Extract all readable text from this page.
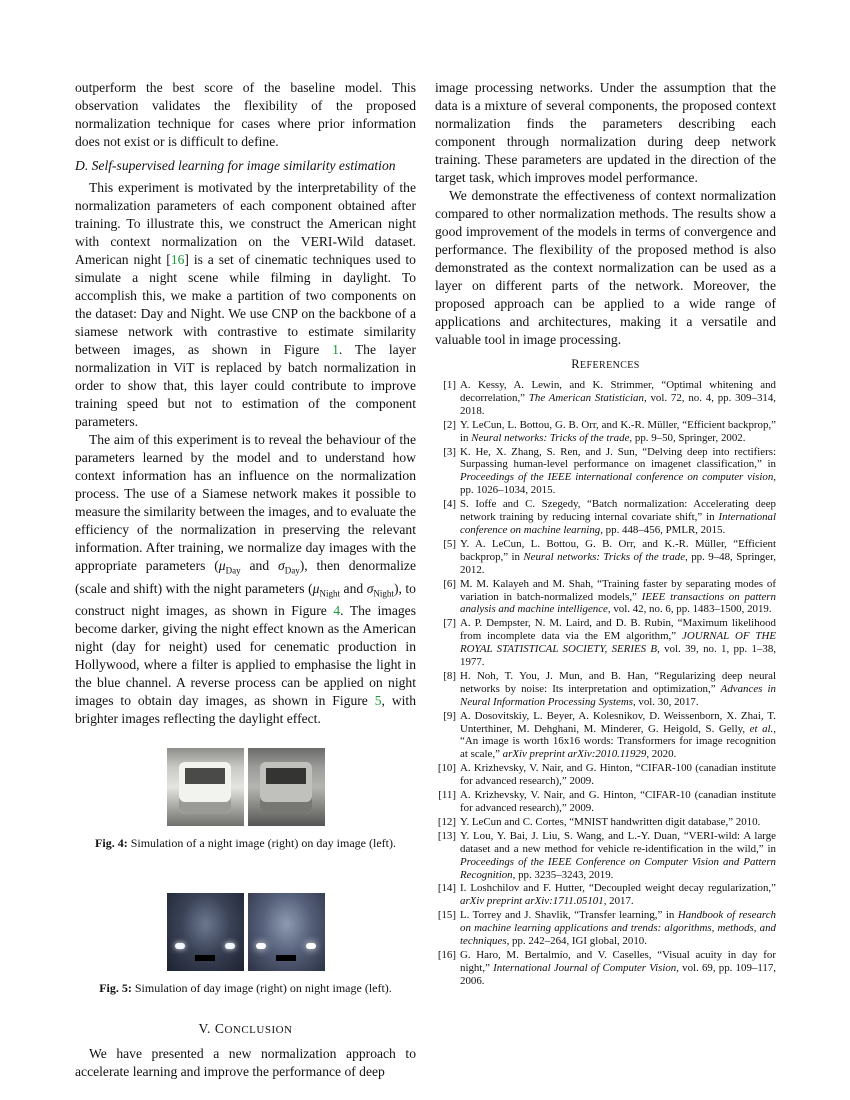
outperform the best score of the baseline model. This observation validates the flexibility of the proposed normalization technique for cases where prior information does not exist or is difficult to define.

D. Self-supervised learning for image similarity estimation

This experiment is motivated by the interpretability of the normalization parameters of each component obtained after training. To illustrate this, we construct the American night with context normalization on the VERI-Wild dataset. American night [16] is a set of cinematic techniques used to simulate a night scene while filming in daylight. To accomplish this, we make a partition of two components on the dataset: Day and Night. We use CNP on the backbone of a siamese network with contrastive to estimate similarity between images, as shown in Figure 1. The layer normalization in ViT is replaced by batch normalization in order to show that, this layer could contribute to improve training speed but not to estimation of the component parameters.

The aim of this experiment is to reveal the behaviour of the parameters learned by the model and to understand how context information has an influence on the normalization process. The use of a Siamese network makes it possible to measure the similarity between the images, and to evaluate the efficiency of the normalization in preserving the relevant information. After training, we normalize day images with the appropriate parameters ($\mu_{Day}$ and $\sigma_{Day}$), then denormalize (scale and shift) with the night parameters ($\mu_{Night}$ and $\sigma_{Night}$), to construct night images, as shown in Figure 4. The images become darker, giving the night effect known as the American night (day for neight) used for cenematic production in Hollywood, where a filter is applied to emphasise the light in the blue channel. A reverse process can be applied on night images to obtain day images, as shown in Figure 5, with brighter images reflecting the daylight effect.

Fig. 4: Simulation of a night image (right) on day image (left).
Fig. 5: Simulation of day image (right) on night image (left).
V. CONCLUSION

We have presented a new normalization approach to accelerate learning and improve the performance of deep

image processing networks. Under the assumption that the data is a mixture of several components, the proposed context normalization finds the parameters describing each component through normalization during deep network training. These parameters are updated in the direction of the target task, which improves model performance.

We demonstrate the effectiveness of context normalization compared to other normalization methods. The results show a good improvement of the models in terms of convergence and performance. The flexibility of the proposed method is also demonstrated as the context normalization can be used as a layer on different parts of the network. Moreover, the proposed approach can be applied to a wide range of applications and architectures, making it a versatile and valuable tool in image processing.

REFERENCES
[1] A. Kessy, A. Lewin, and K. Strimmer, “Optimal whitening and decorrelation,” The American Statistician, vol. 72, no. 4, pp. 309–314, 2018.
[2] Y. LeCun, L. Bottou, G. B. Orr, and K.-R. Müller, “Efficient backprop,” in Neural networks: Tricks of the trade, pp. 9–50, Springer, 2002.
[3] K. He, X. Zhang, S. Ren, and J. Sun, “Delving deep into rectifiers: Surpassing human-level performance on imagenet classification,” in Proceedings of the IEEE international conference on computer vision, pp. 1026–1034, 2015.
[4] S. Ioffe and C. Szegedy, “Batch normalization: Accelerating deep network training by reducing internal covariate shift,” in International conference on machine learning, pp. 448–456, PMLR, 2015.
[5] Y. A. LeCun, L. Bottou, G. B. Orr, and K.-R. Müller, “Efficient backprop,” in Neural networks: Tricks of the trade, pp. 9–48, Springer, 2012.
[6] M. M. Kalayeh and M. Shah, “Training faster by separating modes of variation in batch-normalized models,” IEEE transactions on pattern analysis and machine intelligence, vol. 42, no. 6, pp. 1483–1500, 2019.
[7] A. P. Dempster, N. M. Laird, and D. B. Rubin, “Maximum likelihood from incomplete data via the EM algorithm,” JOURNAL OF THE ROYAL STATISTICAL SOCIETY, SERIES B, vol. 39, no. 1, pp. 1–38, 1977.
[8] H. Noh, T. You, J. Mun, and B. Han, “Regularizing deep neural networks by noise: Its interpretation and optimization,” Advances in Neural Information Processing Systems, vol. 30, 2017.
[9] A. Dosovitskiy, L. Beyer, A. Kolesnikov, D. Weissenborn, X. Zhai, T. Unterthiner, M. Dehghani, M. Minderer, G. Heigold, S. Gelly, et al., “An image is worth 16x16 words: Transformers for image recognition at scale,” arXiv preprint arXiv:2010.11929, 2020.
[10] A. Krizhevsky, V. Nair, and G. Hinton, “CIFAR-100 (canadian institute for advanced research),” 2009.
[11] A. Krizhevsky, V. Nair, and G. Hinton, “CIFAR-10 (canadian institute for advanced research),” 2009.
[12] Y. LeCun and C. Cortes, “MNIST handwritten digit database,” 2010.
[13] Y. Lou, Y. Bai, J. Liu, S. Wang, and L.-Y. Duan, “VERI-wild: A large dataset and a new method for vehicle re-identification in the wild,” in Proceedings of the IEEE Conference on Computer Vision and Pattern Recognition, pp. 3235–3243, 2019.
[14] I. Loshchilov and F. Hutter, “Decoupled weight decay regularization,” arXiv preprint arXiv:1711.05101, 2017.
[15] L. Torrey and J. Shavlik, “Transfer learning,” in Handbook of research on machine learning applications and trends: algorithms, methods, and techniques, pp. 242–264, IGI global, 2010.
[16] G. Haro, M. Bertalmío, and V. Caselles, “Visual acuity in day for night,” International Journal of Computer Vision, vol. 69, pp. 109–117, 2006.
